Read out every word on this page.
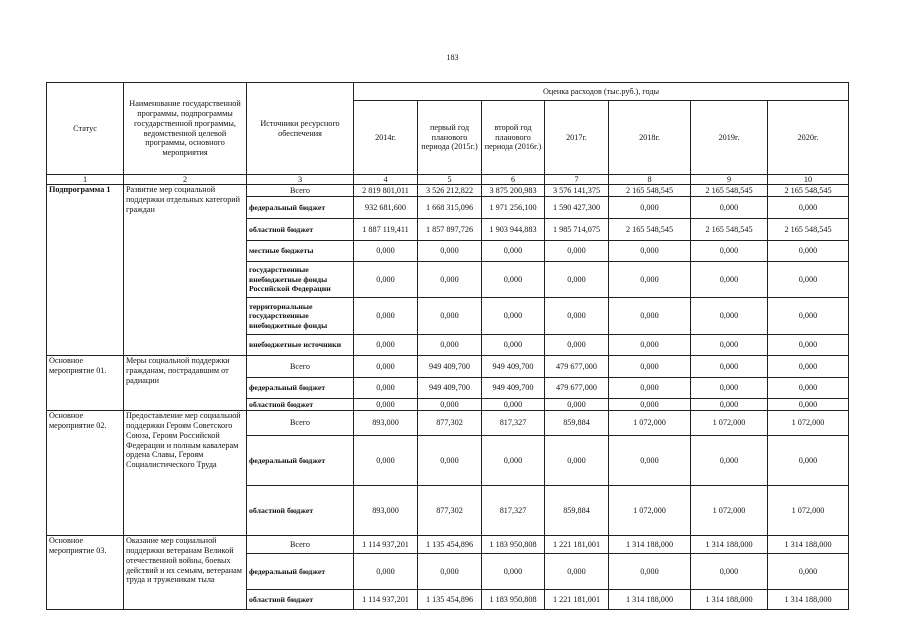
183
Статус	Наименование государственной программы, подпрограммы государственной программы, ведомственной целевой программы, основного мероприятия	Источники ресурсного обеспечения	Оценка расходов (тыс.руб.), годы						
			2014г.	первый год планового периода (2015г.)	второй год планового периода (2016г.)	2017г.	2018г.	2019г.	2020г.
1	2	3	4	5	6	7	8	9	10
Подпрограмма 1	Развитие мер социальной поддержки отдельных категорий граждан	Всего	2 819 801,011	3 526 212,822	3 875 200,983	3 576 141,375	2 165 548,545	2 165 548,545	2 165 548,545
		федеральный бюджет	932 681,600	1 668 315,096	1 971 256,100	1 590 427,300	0,000	0,000	0,000
		областной бюджет	1 887 119,411	1 857 897,726	1 903 944,883	1 985 714,075	2 165 548,545	2 165 548,545	2 165 548,545
		местные бюджеты	0,000	0,000	0,000	0,000	0,000	0,000	0,000
		государственные внебюджетные фонды Российской Федерации	0,000	0,000	0,000	0,000	0,000	0,000	0,000
		территориальные государственные внебюджетные фонды	0,000	0,000	0,000	0,000	0,000	0,000	0,000
		внебюджетные источники	0,000	0,000	0,000	0,000	0,000	0,000	0,000
Основное мероприятие 01.	Меры социальной поддержки гражданам, пострадавшим от радиации	Всего	0,000	949 409,700	949 409,700	479 677,000	0,000	0,000	0,000
		федеральный бюджет	0,000	949 409,700	949 409,700	479 677,000	0,000	0,000	0,000
		областной бюджет	0,000	0,000	0,000	0,000	0,000	0,000	0,000
Основное мероприятие 02.	Предоставление мер социальной поддержки Героям Советского Союза, Героям Российской Федерации и полным кавалерам ордена Славы, Героям Социалистического Труда	Всего	893,000	877,302	817,327	859,884	1 072,000	1 072,000	1 072,000
		федеральный бюджет	0,000	0,000	0,000	0,000	0,000	0,000	0,000
		областной бюджет	893,000	877,302	817,327	859,884	1 072,000	1 072,000	1 072,000
Основное мероприятие 03.	Оказание мер социальной поддержки ветеранам Великой отечественной войны, боевых действий и их семьям, ветеранам труда и труженикам тыла	Всего	1 114 937,201	1 135 454,896	1 183 950,808	1 221 181,001	1 314 188,000	1 314 188,000	1 314 188,000
		федеральный бюджет	0,000	0,000	0,000	0,000	0,000	0,000	0,000
		областной бюджет	1 114 937,201	1 135 454,896	1 183 950,808	1 221 181,001	1 314 188,000	1 314 188,000	1 314 188,000
